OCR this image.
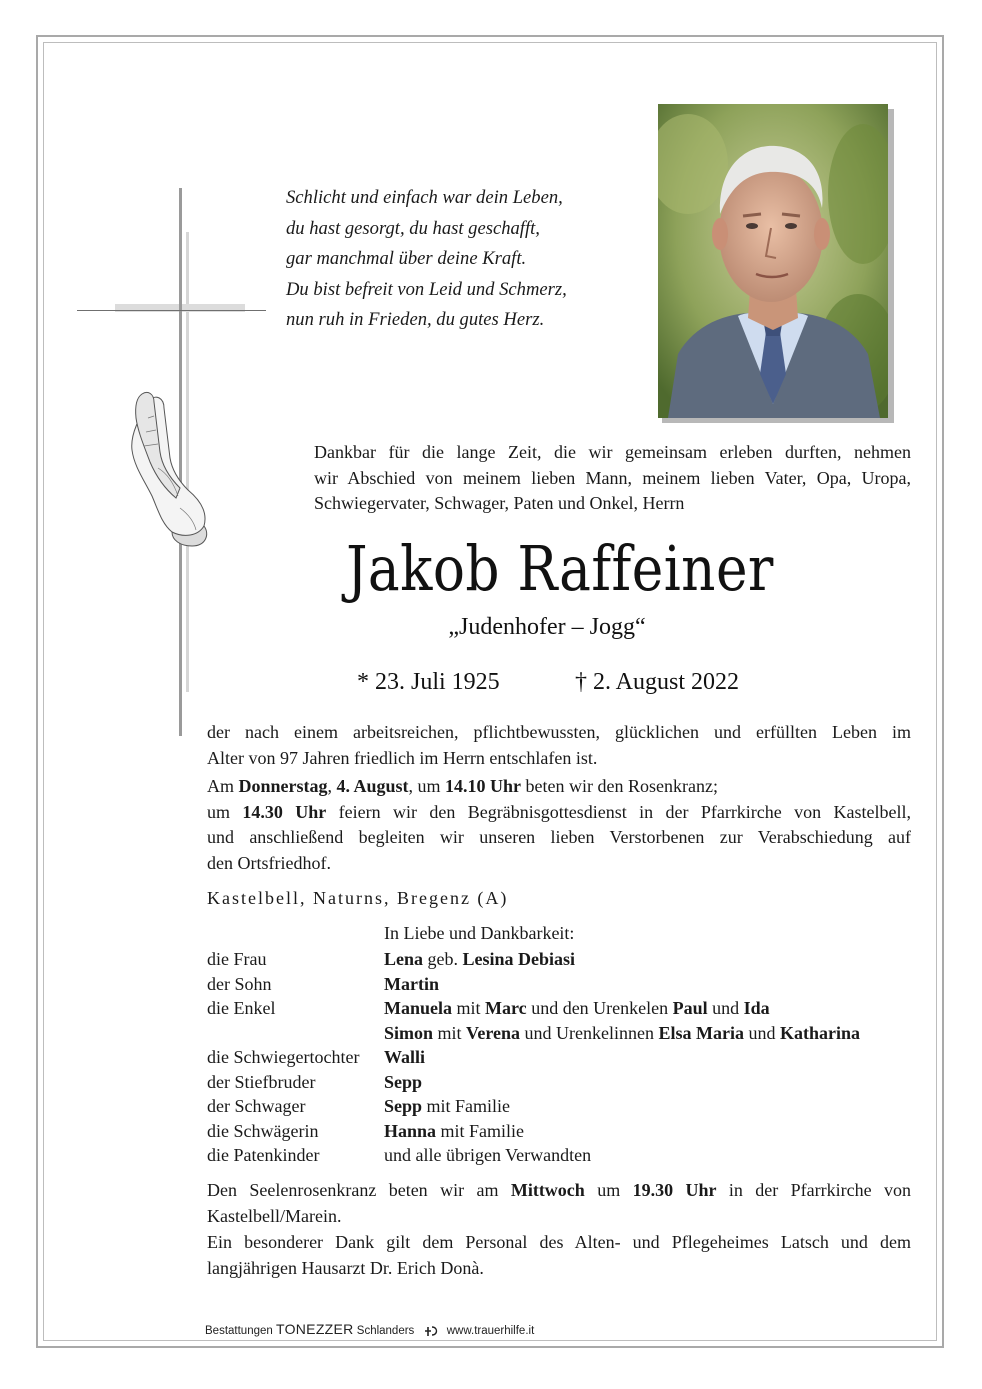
Schlicht und einfach war dein Leben,
du hast gesorgt, du hast geschafft,
gar manchmal über deine Kraft.
Du bist befreit von Leid und Schmerz,
nun ruh in Frieden, du gutes Herz.
Dankbar für die lange Zeit, die wir gemeinsam erleben durften, nehmen
wir Abschied von meinem lieben Mann, meinem lieben Vater, Opa, Uropa,
Schwiegervater, Schwager, Paten und Onkel, Herrn
Jakob Raffeiner
„Judenhofer – Jogg“
* 23. Juli 1925	† 2. August 2022
der nach einem arbeitsreichen, pflichtbewussten, glücklichen und erfüllten Leben im
Alter von 97 Jahren friedlich im Herrn entschlafen ist.
Am Donnerstag, 4. August, um 14.10 Uhr beten wir den Rosenkranz;
um 14.30 Uhr feiern wir den Begräbnisgottesdienst in der Pfarrkirche von Kastelbell,
und anschließend begleiten wir unseren lieben Verstorbenen zur Verabschiedung auf
den Ortsfriedhof.
Kastelbell, Naturns, Bregenz (A)
In Liebe und Dankbarkeit:
die Frau	Lena geb. Lesina Debiasi
der Sohn	Martin
die Enkel	Manuela mit Marc und den Urenkelen Paul und Ida
Simon mit Verena und Urenkelinnen Elsa Maria und Katharina
die Schwiegertochter Walli
der Stiefbruder	Sepp
der Schwager	Sepp mit Familie
die Schwägerin	Hanna mit Familie
die Patenkinder	und alle übrigen Verwandten
Den Seelenrosenkranz beten wir am Mittwoch um 19.30 Uhr in der Pfarrkirche von
Kastelbell/Marein.
Ein besonderer Dank gilt dem Personal des Alten- und Pflegeheimes Latsch und dem
langjährigen Hausarzt Dr. Erich Donà.
Bestattungen TONEZZER Schlanders	www.trauerhilfe.it
